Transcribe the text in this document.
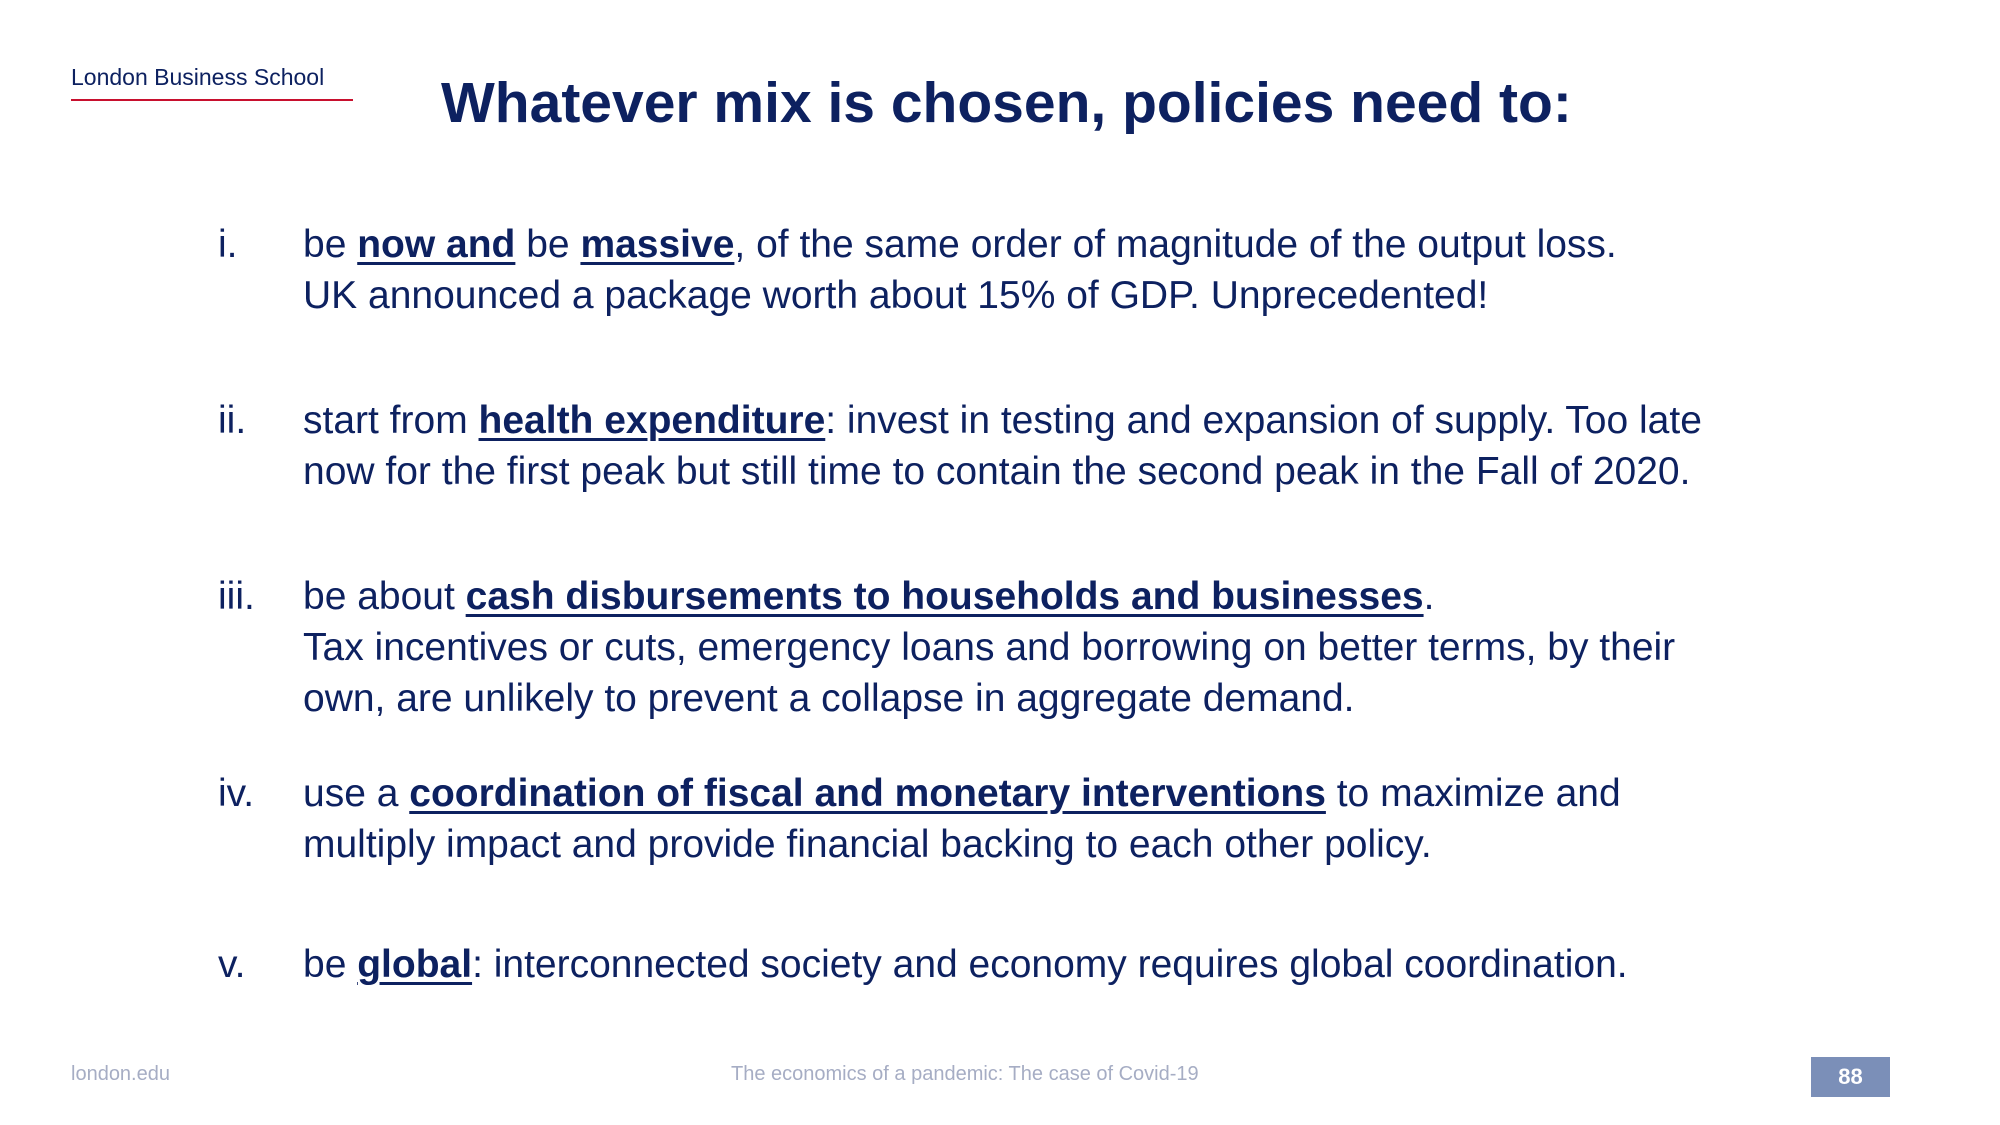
London Business School	Whatever mix is chosen, policies need to:
i. be now and be massive, of the same order of magnitude of the output loss.
UK announced a package worth about 15% of GDP. Unprecedented!
ii. start from health expenditure: invest in testing and expansion of supply. Too late
now for the first peak but still time to contain the second peak in the Fall of 2020.
iii. be about cash disbursements to households and businesses.
Tax incentives or cuts, emergency loans and borrowing on better terms, by their
own, are unlikely to prevent a collapse in aggregate demand.
iv. use a coordination of fiscal and monetary interventions to maximize and
multiply impact and provide financial backing to each other policy.
v. be global: interconnected society and economy requires global coordination.
london.edu	The economics of a pandemic: The case of Covid-19	88
